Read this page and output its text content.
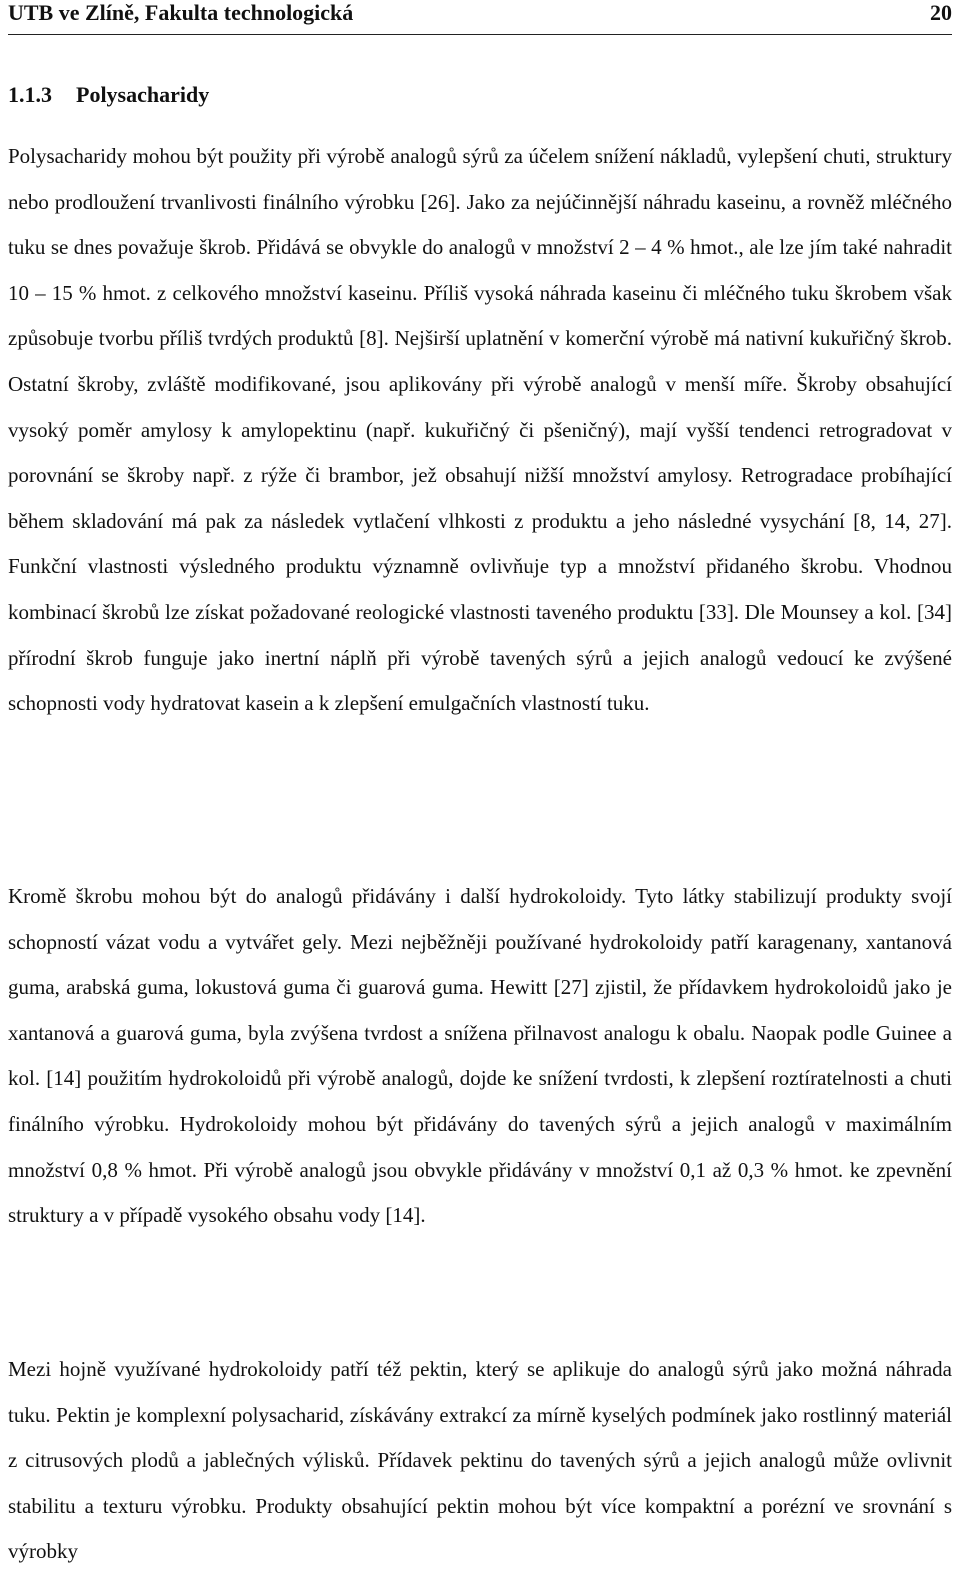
UTB ve Zlíně, Fakulta technologická	20
1.1.3 Polysacharidy

Polysacharidy mohou být použity při výrobě analogů sýrů za účelem snížení nákladů, vylepšení chuti, struktury nebo prodloužení trvanlivosti finálního výrobku [26]. Jako za nejúčinnější náhradu kaseinu, a rovněž mléčného tuku se dnes považuje škrob. Přidává se obvykle do analogů v množství 2 – 4 % hmot., ale lze jím také nahradit 10 – 15 % hmot. z celkového množství kaseinu. Příliš vysoká náhrada kaseinu či mléčného tuku škrobem však způsobuje tvorbu příliš tvrdých produktů [8]. Nejširší uplatnění v komerční výrobě má nativní kukuřičný škrob. Ostatní škroby, zvláště modifikované, jsou aplikovány při výrobě analogů v menší míře. Škroby obsahující vysoký poměr amylosy k amylopektinu (např. kukuřičný či pšeničný), mají vyšší tendenci retrogradovat v porovnání se škroby např. z rýže či brambor, jež obsahují nižší množství amylosy. Retrogradace probíhající během skladování má pak za následek vytlačení vlhkosti z produktu a jeho následné vysychání [8, 14, 27]. Funkční vlastnosti výsledného produktu významně ovlivňuje typ a množství přidaného škrobu. Vhodnou kombinací škrobů lze získat požadované reologické vlastnosti taveného produktu [33]. Dle Mounsey a kol. [34] přírodní škrob funguje jako inertní náplň při výrobě tavených sýrů a jejich analogů vedoucí ke zvýšené schopnosti vody hydratovat kasein a k zlepšení emulgačních vlastností tuku.

Kromě škrobu mohou být do analogů přidávány i další hydrokoloidy. Tyto látky stabilizují produkty svojí schopností vázat vodu a vytvářet gely. Mezi nejběžněji používané hydrokoloidy patří karagenany, xantanová guma, arabská guma, lokustová guma či guarová guma. Hewitt [27] zjistil, že přídavkem hydrokoloidů jako je xantanová a guarová guma, byla zvýšena tvrdost a snížena přilnavost analogu k obalu. Naopak podle Guinee a kol. [14] použitím hydrokoloidů při výrobě analogů, dojde ke snížení tvrdosti, k zlepšení roztíratelnosti a chuti finálního výrobku. Hydrokoloidy mohou být přidávány do tavených sýrů a jejich analogů v maximálním množství 0,8 % hmot. Při výrobě analogů jsou obvykle přidávány v množství 0,1 až 0,3 % hmot. ke zpevnění struktury a v případě vysokého obsahu vody [14].

Mezi hojně využívané hydrokoloidy patří též pektin, který se aplikuje do analogů sýrů jako možná náhrada tuku. Pektin je komplexní polysacharid, získávány extrakcí za mírně kyselých podmínek jako rostlinný materiál z citrusových plodů a jablečných výlisků. Přídavek pektinu do tavených sýrů a jejich analogů může ovlivnit stabilitu a texturu výrobku. Produkty obsahující pektin mohou být více kompaktní a porézní ve srovnání s výrobky
